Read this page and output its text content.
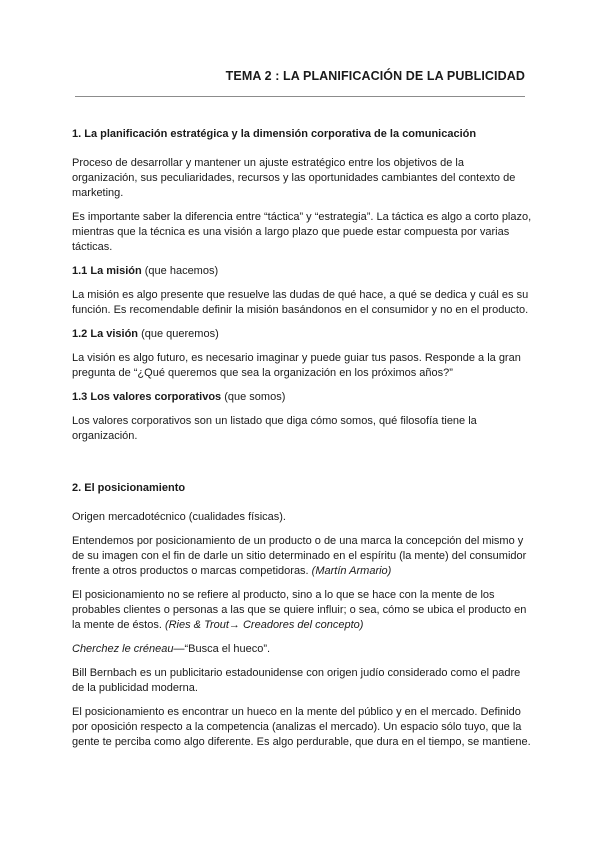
TEMA 2 : LA PLANIFICACIÓN DE LA PUBLICIDAD
1. La planificación estratégica y la dimensión corporativa de la comunicación

Proceso de desarrollar y mantener un ajuste estratégico entre los objetivos de la organización, sus peculiaridades, recursos y las oportunidades cambiantes del contexto de marketing.

Es importante saber la diferencia entre “táctica” y “estrategia”. La táctica es algo a corto plazo, mientras que la técnica es una visión a largo plazo que puede estar compuesta por varias tácticas.

1.1 La misión (que hacemos)

La misión es algo presente que resuelve las dudas de qué hace, a qué se dedica y cuál es su función. Es recomendable definir la misión basándonos en el consumidor y no en el producto.

1.2 La visión (que queremos)

La visión es algo futuro, es necesario imaginar y puede guiar tus pasos. Responde a la gran pregunta de “¿Qué queremos que sea la organización en los próximos años?”

1.3 Los valores corporativos (que somos)

Los valores corporativos son un listado que diga cómo somos, qué filosofía tiene la organización.

2. El posicionamiento

Origen mercadotécnico (cualidades físicas).

Entendemos por posicionamiento de un producto o de una marca la concepción del mismo y de su imagen con el fin de darle un sitio determinado en el espíritu (la mente) del consumidor frente a otros productos o marcas competidoras. (Martín Armario)

El posicionamiento no se refiere al producto, sino a lo que se hace con la mente de los probables clientes o personas a las que se quiere influir; o sea, cómo se ubica el producto en la mente de éstos. (Ries & Trout→ Creadores del concepto)

Cherchez le créneau—“Busca el hueco”.

Bill Bernbach es un publicitario estadounidense con origen judío considerado como el padre de la publicidad moderna.

El posicionamiento es encontrar un hueco en la mente del público y en el mercado. Definido por oposición respecto a la competencia (analizas el mercado). Un espacio sólo tuyo, que la gente te perciba como algo diferente. Es algo perdurable, que dura en el tiempo, se mantiene.
